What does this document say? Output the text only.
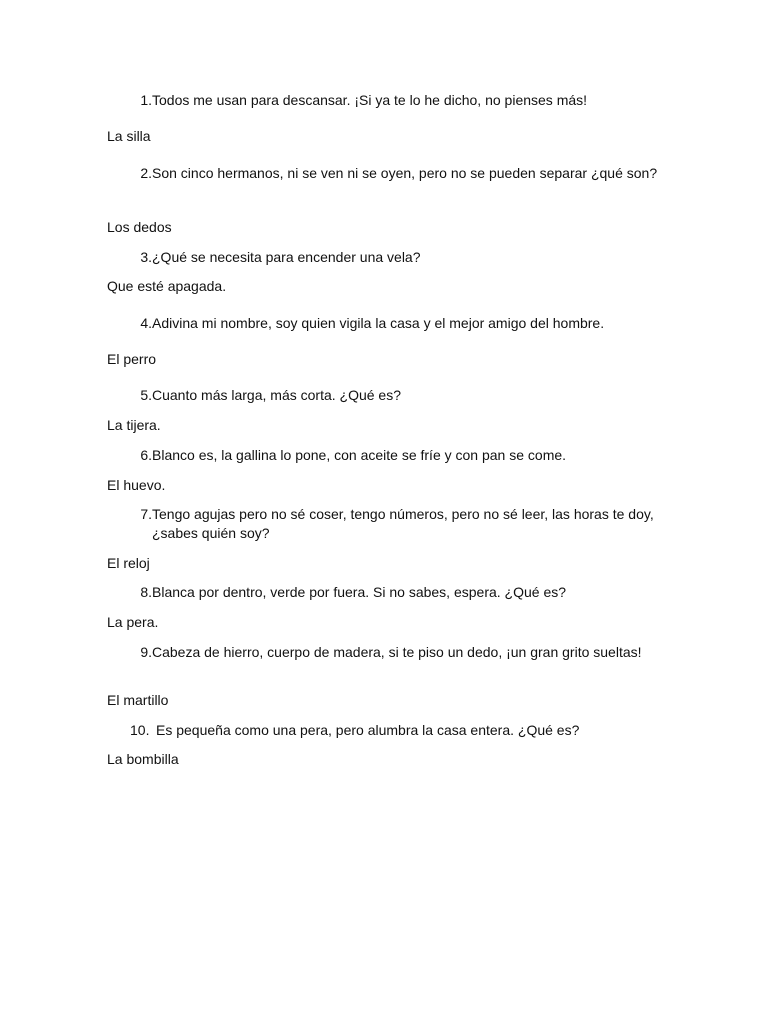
1. Todos me usan para descansar. ¡Si ya te lo he dicho, no pienses más!
La silla
2. Son cinco hermanos, ni se ven ni se oyen, pero no se pueden separar ¿qué son?
Los dedos
3. ¿Qué se necesita para encender una vela?
Que esté apagada.
4. Adivina mi nombre, soy quien vigila la casa y el mejor amigo del hombre.
El perro
5. Cuanto más larga, más corta. ¿Qué es?
La tijera.
6. Blanco es, la gallina lo pone, con aceite se fríe y con pan se come.
El huevo.
7. Tengo agujas pero no sé coser, tengo números, pero no sé leer, las horas te doy, ¿sabes quién soy?
El reloj
8. Blanca por dentro, verde por fuera. Si no sabes, espera. ¿Qué es?
La pera.
9. Cabeza de hierro, cuerpo de madera, si te piso un dedo, ¡un gran grito sueltas!
El martillo
10. Es pequeña como una pera, pero alumbra la casa entera. ¿Qué es?
La bombilla
